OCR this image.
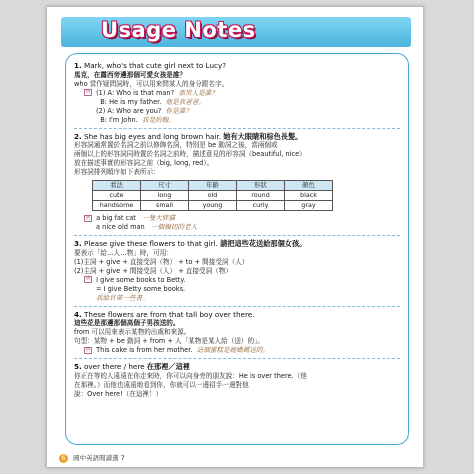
Usage Notes
1. Mark, who's that cute girl next to Lucy?
馬克，在露西旁邊那個可愛女孩是誰？
who 當作疑問詞時，可以用來問某人的身分跟名字。
例 (1) A: Who is that man? 那男人是誰？
B: He is my father. 他是我爸爸。
(2) A: Who are you? 你是誰？
B: I'm John. 我是約翰。
2. She has big eyes and long brown hair. 她有大眼睛和棕色長髮。
形容詞通常置於名詞之前以修飾名詞，特別是 be 動詞之後，當兩個或
兩個以上的形容詞同時置於名詞之前時，描述意見的形容詞（beautiful, nice）
放在描述事實的形容詞之前（big, long, red）。
形容詞排列順序如下表所示：
看法	尺寸	年齡	形狀	顏色
cute	long	old	round	black
handsome	small	young	curly	gray
例 a big fat cat 一隻大胖貓
a nice old man 一個親切的老人
3. Please give these flowers to that girl. 請把這些花送給那個女孩。
要表示「給…人…物」時，可用：
(1)主詞 + give + 直接受詞（物） + to + 間接受詞（人）
(2)主詞 + give + 間接受詞（人） + 直接受詞（物）
例 I give some books to Betty.
= I give Betty some books.
我給貝蒂一些書。
4. These flowers are from that tall boy over there.
這些花是那邊那個高個子男孩送的。
from 可以用來表示某物的出處和來源。
句型：某物 + be 動詞 + from + 人「某物是某人給（送）的」。
例 This cake is from her mother. 這個蛋糕是她媽媽送的。
5. over there / here 在那裡／這裡
你正在等的人遠遠在你走來時，你可以向身旁的朋友說：He is over there.（他
在那裡。）而他也遠遠地看到你，你就可以一邊招手一邊對他
說：Over here!（在這裡！）
6 國中英語閱讀選 7
